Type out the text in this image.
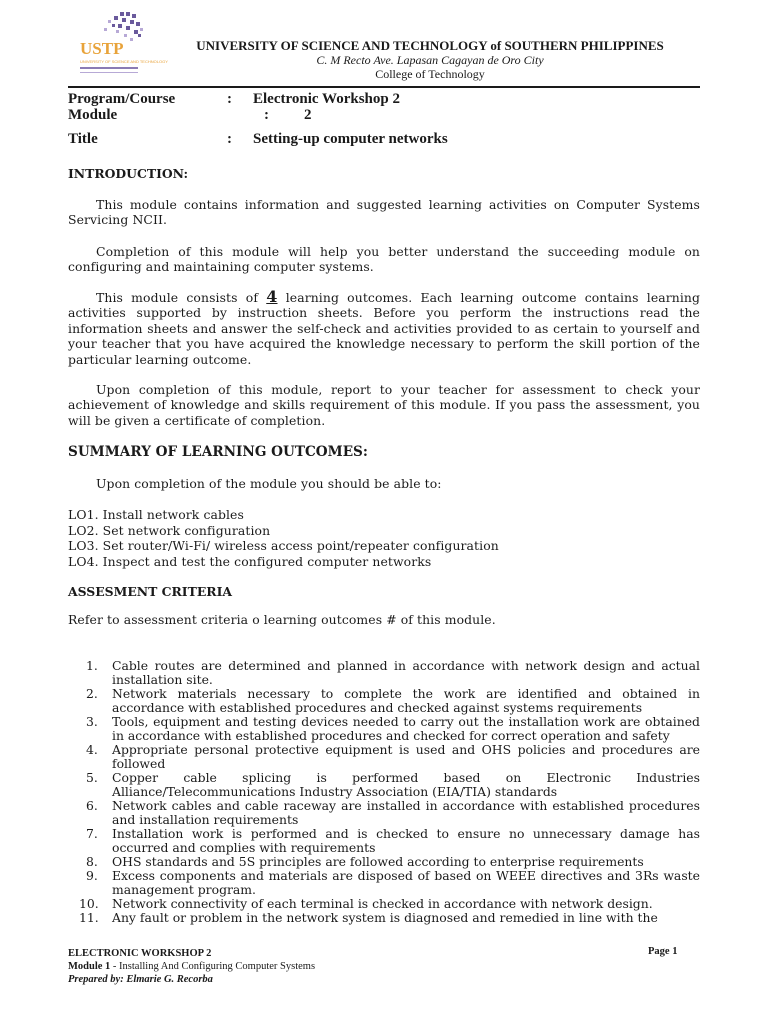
USTP
UNIVERSITY OF SCIENCE AND TECHNOLOGY
UNIVERSITY OF SCIENCE AND TECHNOLOGY of SOUTHERN PHILIPPINES
C. M Recto Ave. Lapasan Cagayan de Oro City
College of Technology
Program/Course	: Electronic Workshop 2
Module	: 2
Title	: Setting-up computer networks
INTRODUCTION:
This module contains information and suggested learning activities on Computer Systems Servicing NCII.
Completion of this module will help you better understand the succeeding module on configuring and maintaining computer systems.
This module consists of 4 learning outcomes. Each learning outcome contains learning activities supported by instruction sheets. Before you perform the instructions read the information sheets and answer the self-check and activities provided to as certain to yourself and your teacher that you have acquired the knowledge necessary to perform the skill portion of the particular learning outcome.
Upon completion of this module, report to your teacher for assessment to check your achievement of knowledge and skills requirement of this module. If you pass the assessment, you will be given a certificate of completion.
SUMMARY OF LEARNING OUTCOMES:
Upon completion of the module you should be able to:
LO1. Install network cables
LO2. Set network configuration
LO3. Set router/Wi-Fi/ wireless access point/repeater configuration
LO4. Inspect and test the configured computer networks
ASSESMENT CRITERIA
Refer to assessment criteria o learning outcomes # of this module.
1.	Cable routes are determined and planned in accordance with network design and actual installation site.
2.	Network materials necessary to complete the work are identified and obtained in accordance with established procedures and checked against systems requirements
3.	Tools, equipment and testing devices needed to carry out the installation work are obtained in accordance with established procedures and checked for correct operation and safety
4.	Appropriate personal protective equipment is used and OHS policies and procedures are followed
5.	Copper cable splicing is performed based on Electronic Industries Alliance/Telecommunications Industry Association (EIA/TIA) standards
6.	Network cables and cable raceway are installed in accordance with established procedures and installation requirements
7.	Installation work is performed and is checked to ensure no unnecessary damage has occurred and complies with requirements
8.	OHS standards and 5S principles are followed according to enterprise requirements
9.	Excess components and materials are disposed of based on WEEE directives and 3Rs waste management program.
10.	Network connectivity of each terminal is checked in accordance with network design.
11.	Any fault or problem in the network system is diagnosed and remedied in line with the
ELECTRONIC WORKSHOP 2	Page 1
Module 1 - Installing And Configuring Computer Systems
Prepared by: Elmarie G. Recorba
